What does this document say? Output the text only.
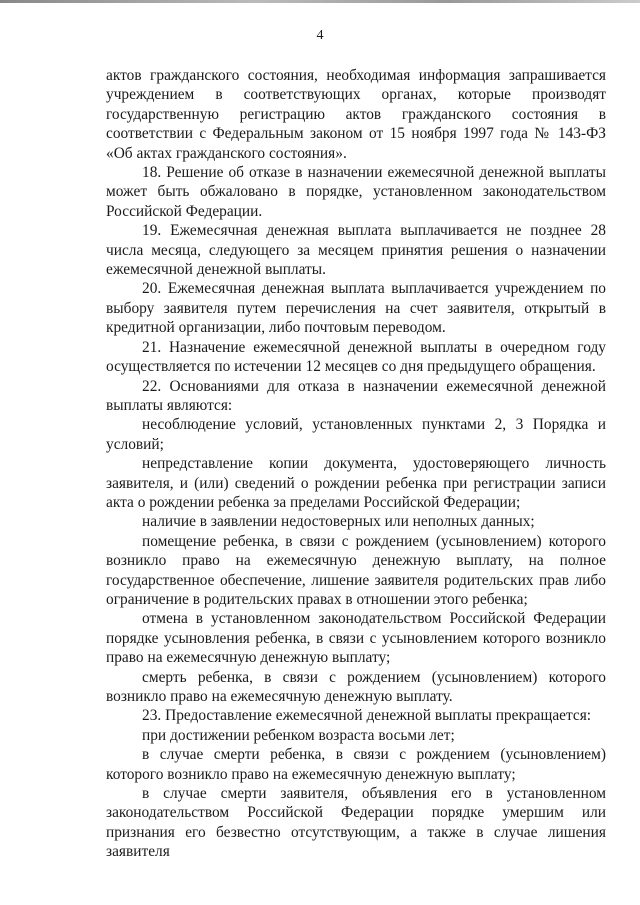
4

актов гражданского состояния, необходимая информация запрашивается учреждением в соответствующих органах, которые производят государственную регистрацию актов гражданского состояния в соответствии с Федеральным законом от 15 ноября 1997 года № 143-ФЗ «Об актах гражданского состояния».

18. Решение об отказе в назначении ежемесячной денежной выплаты может быть обжаловано в порядке, установленном законодательством Российской Федерации.

19. Ежемесячная денежная выплата выплачивается не позднее 28 числа месяца, следующего за месяцем принятия решения о назначении ежемесячной денежной выплаты.

20. Ежемесячная денежная выплата выплачивается учреждением по выбору заявителя путем перечисления на счет заявителя, открытый в кредитной организации, либо почтовым переводом.

21. Назначение ежемесячной денежной выплаты в очередном году осуществляется по истечении 12 месяцев со дня предыдущего обращения.

22. Основаниями для отказа в назначении ежемесячной денежной выплаты являются:

несоблюдение условий, установленных пунктами 2, 3 Порядка и условий;

непредставление копии документа, удостоверяющего личность заявителя, и (или) сведений о рождении ребенка при регистрации записи акта о рождении ребенка за пределами Российской Федерации;

наличие в заявлении недостоверных или неполных данных;

помещение ребенка, в связи с рождением (усыновлением) которого возникло право на ежемесячную денежную выплату, на полное государственное обеспечение, лишение заявителя родительских прав либо ограничение в родительских правах в отношении этого ребенка;

отмена в установленном законодательством Российской Федерации порядке усыновления ребенка, в связи с усыновлением которого возникло право на ежемесячную денежную выплату;

смерть ребенка, в связи с рождением (усыновлением) которого возникло право на ежемесячную денежную выплату.

23. Предоставление ежемесячной денежной выплаты прекращается:

при достижении ребенком возраста восьми лет;

в случае смерти ребенка, в связи с рождением (усыновлением) которого возникло право на ежемесячную денежную выплату;

в случае смерти заявителя, объявления его в установленном законодательством Российской Федерации порядке умершим или признания его безвестно отсутствующим, а также в случае лишения заявителя
